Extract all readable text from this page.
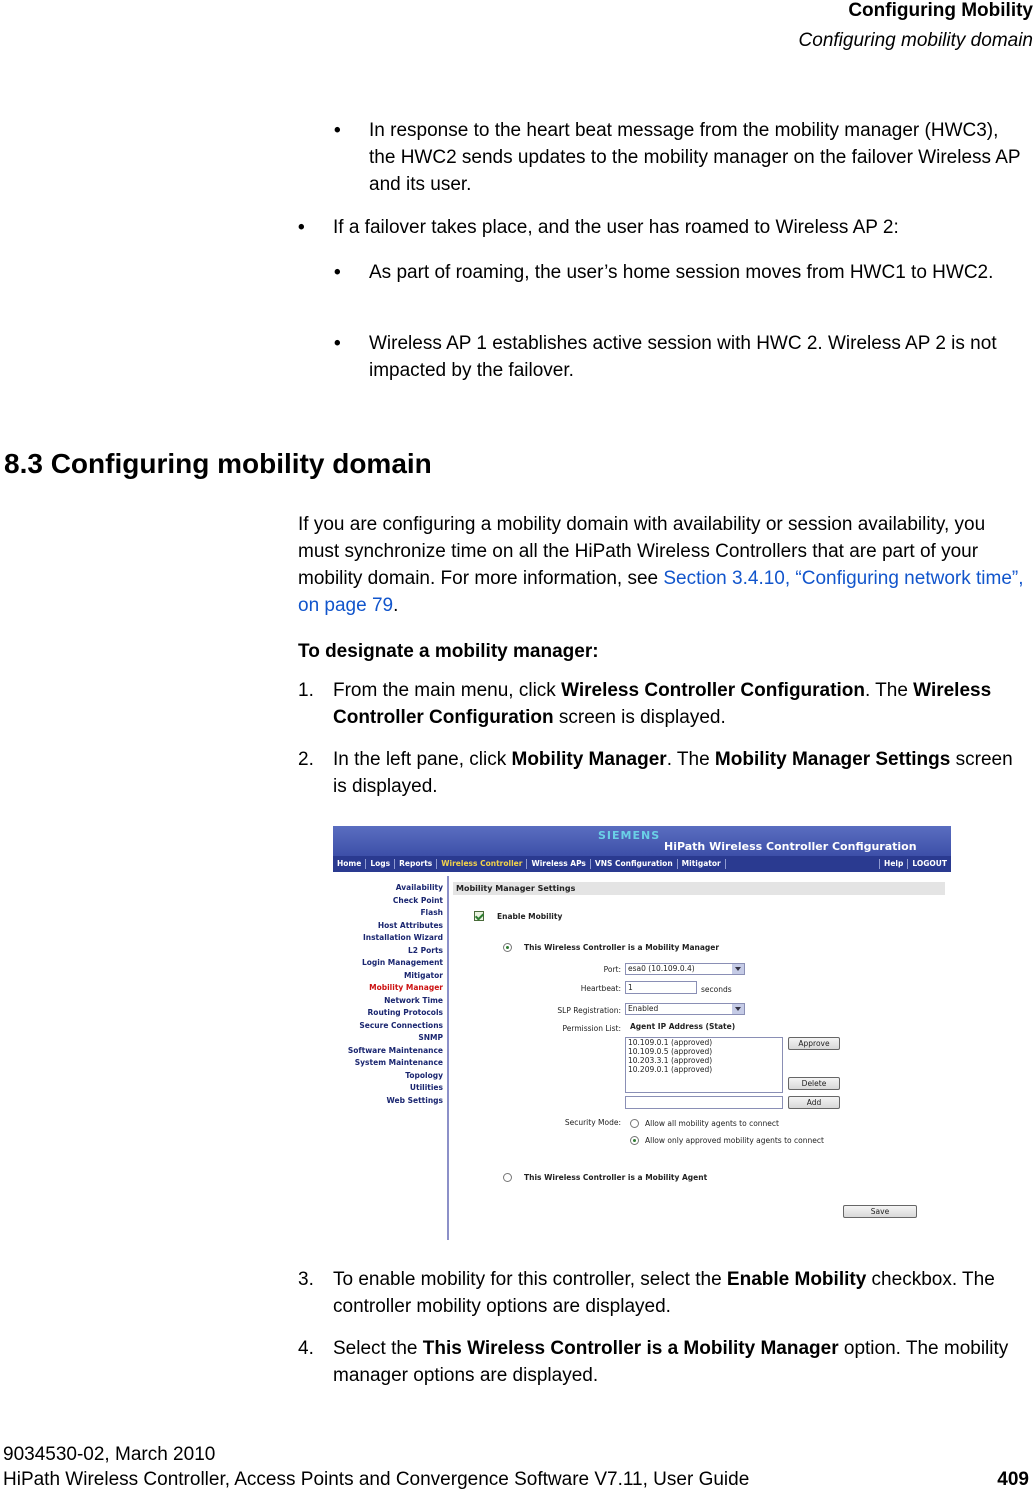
Configuring Mobility
Configuring mobility domain
• In response to the heart beat message from the mobility manager (HWC3), the HWC2 sends updates to the mobility manager on the failover Wireless AP and its user.
• If a failover takes place, and the user has roamed to Wireless AP 2:
• As part of roaming, the user’s home session moves from HWC1 to HWC2.
• Wireless AP 1 establishes active session with HWC 2. Wireless AP 2 is not impacted by the failover.
8.3 Configuring mobility domain
If you are configuring a mobility domain with availability or session availability, you must synchronize time on all the HiPath Wireless Controllers that are part of your mobility domain. For more information, see Section 3.4.10, “Configuring network time”, on page 79.
To designate a mobility manager:
1. From the main menu, click Wireless Controller Configuration. The Wireless Controller Configuration screen is displayed.
2. In the left pane, click Mobility Manager. The Mobility Manager Settings screen is displayed.
SIEMENS
HiPath Wireless Controller Configuration
Home	Logs	Reports	Wireless Controller	Wireless APs	VNS Configuration	Mitigator	Help	LOGOUT
Availability
Check Point
Flash
Host Attributes
Installation Wizard
L2 Ports
Login Management
Mitigator
Mobility Manager
Network Time
Routing Protocols
Secure Connections
SNMP
Software Maintenance
System Maintenance
Topology
Utilities
Web Settings
Mobility Manager Settings
Enable Mobility
This Wireless Controller is a Mobility Manager
Port: esa0 (10.109.0.4)
Heartbeat: 1	seconds
SLP Registration: Enabled
Permission List: Agent IP Address (State)
10.109.0.1 (approved)
10.109.0.5 (approved)
10.203.3.1 (approved)
10.209.0.1 (approved)
Approve
Delete
Add
Security Mode:	Allow all mobility agents to connect
Allow only approved mobility agents to connect
This Wireless Controller is a Mobility Agent
Save
3. To enable mobility for this controller, select the Enable Mobility checkbox. The controller mobility options are displayed.
4. Select the This Wireless Controller is a Mobility Manager option. The mobility manager options are displayed.
9034530-02, March 2010
HiPath Wireless Controller, Access Points and Convergence Software V7.11, User Guide	409
